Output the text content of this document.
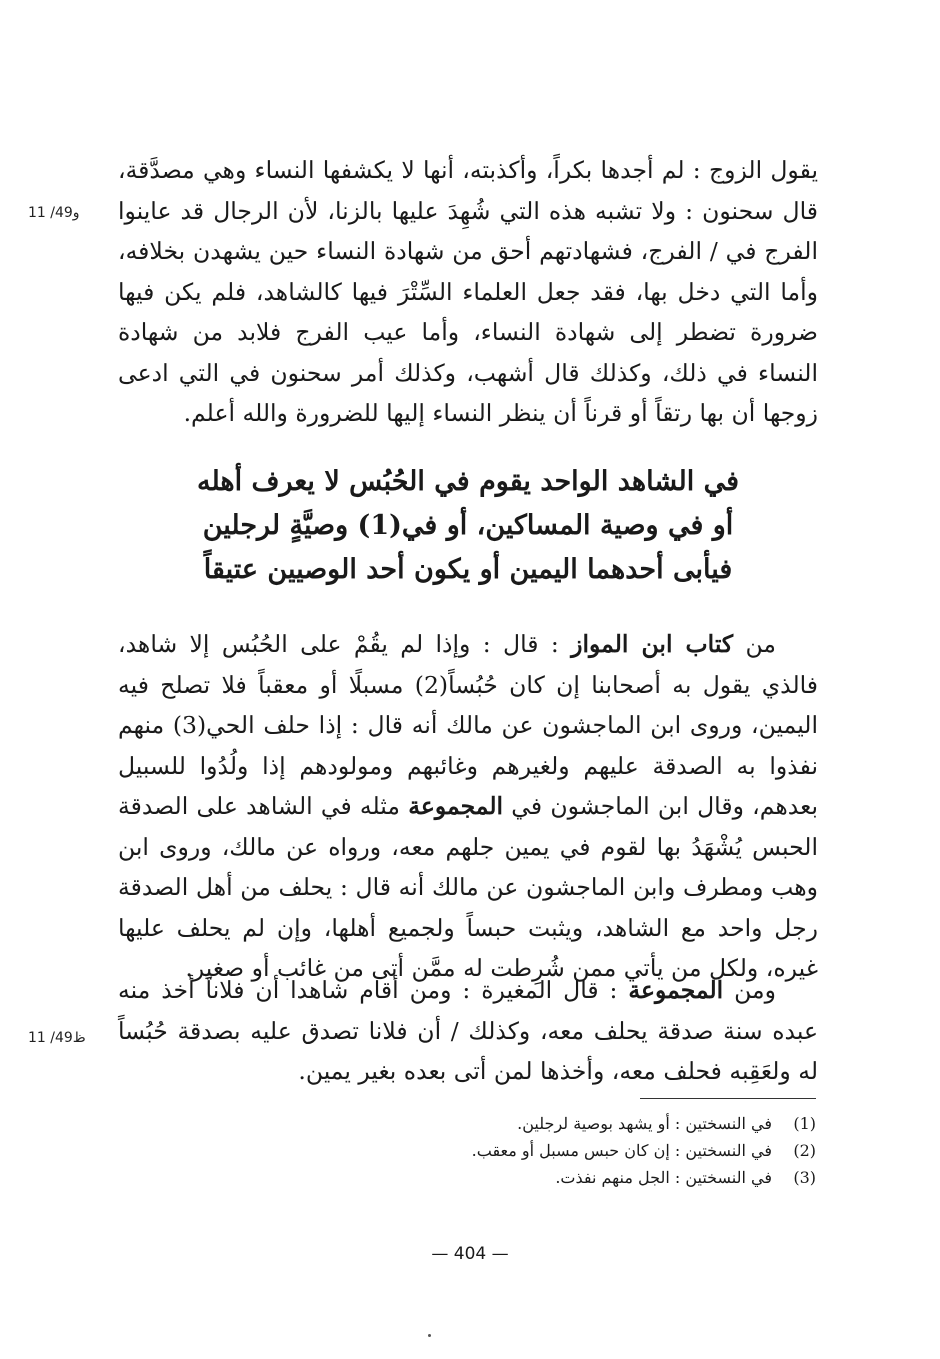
يقول الزوج : لم أجدها بكراً، وأكذبته، أنها لا يكشفها النساء وهي مصدَّقة، قال سحنون : ولا تشبه هذه التي شُهِدَ عليها بالزنا، لأن الرجال قد عاينوا الفرج في / الفرج، فشهادتهم أحق من شهادة النساء حين يشهدن بخلافه، وأما التي دخل بها، فقد جعل العلماء السِّتْرَ فيها كالشاهد، فلم يكن فيها ضرورة تضطر إلى شهادة النساء، وأما عيب الفرج فلابد من شهادة النساء في ذلك، وكذلك قال أشهب، وكذلك أمر سحنون في التي ادعى زوجها أن بها رتقاً أو قرناً أن ينظر النساء إليها للضرورة والله أعلم.

11 /49و
في الشاهد الواحد يقوم في الحُبُس لا يعرف أهله
أو في وصية المساكين، أو في(1) وصيَّةٍ لرجلين
فيأبى أحدهما اليمين أو يكون أحد الوصيين عتيقاً

من كتاب ابن المواز : قال : وإذا لم يقُمْ على الحُبُس إلا شاهد، فالذي يقول به أصحابنا إن كان حُبُساً(2) مسبلًا أو معقباً فلا تصلح فيه اليمين، وروى ابن الماجشون عن مالك أنه قال : إذا حلف الحي(3) منهم نفذوا به الصدقة عليهم ولغيرهم وغائبهم ومولودهم إذا ولُدُوا للسبيل بعدهم، وقال ابن الماجشون في المجموعة مثله في الشاهد على الصدقة الحبس يُشْهَدُ بها لقوم في يمين جلهم معه، ورواه عن مالك، وروى ابن وهب ومطرف وابن الماجشون عن مالك أنه قال : يحلف من أهل الصدقة رجل واحد مع الشاهد، ويثبت حبساً ولجميع أهلها، وإن لم يحلف عليها غيره، ولكل من يأتي ممن شُرِطت له ممَّن أتى من غائب أو صغير.

ومن المجموعة : قال المغيرة : ومن أقام شاهدا أن فلاناً أخذ منه عبده سنة صدقة يحلف معه، وكذلك / أن فلانا تصدق عليه بصدقة حُبُساً له ولعَقِبه فحلف معه، وأخذها لمن أتى بعده بغير يمين.

11 /49ظ
(1)
في النسختين : أو يشهد بوصية لرجلين.
(2)
في النسختين : إن كان حبس مسبل أو معقب.
(3)
في النسختين : الجل منهم نفذت.
— 404 —
